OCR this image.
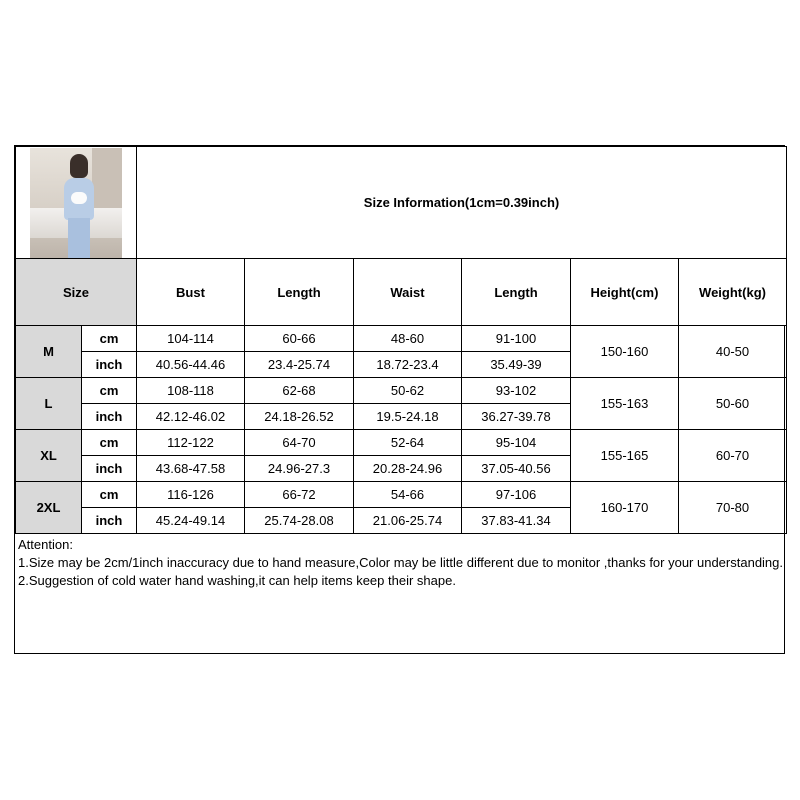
		Size Information(1cm=0.39inch)					
Size		Bust	Length	Waist	Length	Height(cm)	Weight(kg)
M	cm	104-114	60-66	48-60	91-100	150-160	40-50
	inch	40.56-44.46	23.4-25.74	18.72-23.4	35.49-39		
L	cm	108-118	62-68	50-62	93-102	155-163	50-60
	inch	42.12-46.02	24.18-26.52	19.5-24.18	36.27-39.78		
XL	cm	112-122	64-70	52-64	95-104	155-165	60-70
	inch	43.68-47.58	24.96-27.3	20.28-24.96	37.05-40.56		
2XL	cm	116-126	66-72	54-66	97-106	160-170	70-80
	inch	45.24-49.14	25.74-28.08	21.06-25.74	37.83-41.34		
Attention:
1.Size may be 2cm/1inch inaccuracy due to hand measure,Color may be little different due to monitor ,thanks for your understanding.
2.Suggestion of cold water hand washing,it can help items keep their shape.
